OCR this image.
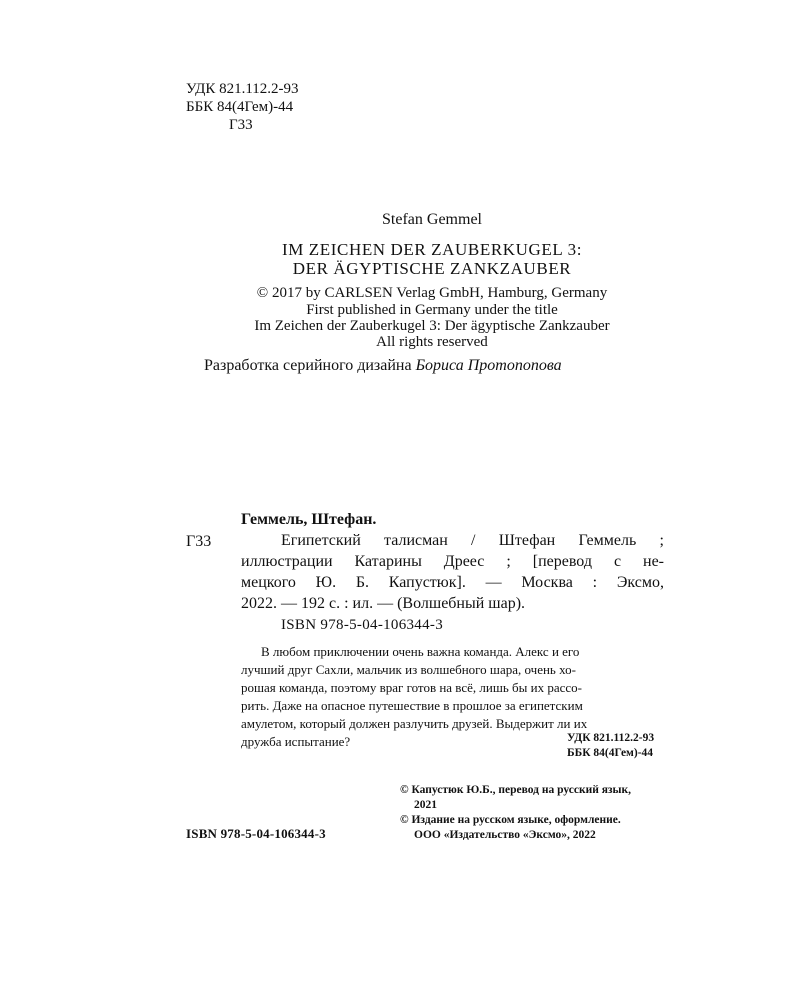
УДК 821.112.2-93
ББК 84(4Гем)-44
Г33
Stefan Gemmel
IM ZEICHEN DER ZAUBERKUGEL 3:
DER ÄGYPTISCHE ZANKZAUBER
© 2017 by CARLSEN Verlag GmbH, Hamburg, Germany
First published in Germany under the title
Im Zeichen der Zauberkugel 3: Der ägyptische Zankzauber
All rights reserved
Разработка серийного дизайна Бориса Протопопова
Геммель, Штефан.
Г33	Египетский талисман / Штефан Геммель ;
иллюстрации Катарины Дреес ; [перевод с не-
мецкого Ю. Б. Капустюк]. — Москва : Эксмо,
2022. — 192 с. : ил. — (Волшебный шар).
ISBN 978-5-04-106344-3
В любом приключении очень важна команда. Алекс и его
лучший друг Сахли, мальчик из волшебного шара, очень хо-
рошая команда, поэтому враг готов на всё, лишь бы их рассо-
рить. Даже на опасное путешествие в прошлое за египетским
амулетом, который должен разлучить друзей. Выдержит ли их
дружба испытание?	УДК 821.112.2-93
ББК 84(4Гем)-44
© Капустюк Ю.Б., перевод на русский язык,
2021
© Издание на русском языке, оформление.
ООО «Издательство «Эксмо», 2022
ISBN 978-5-04-106344-3
